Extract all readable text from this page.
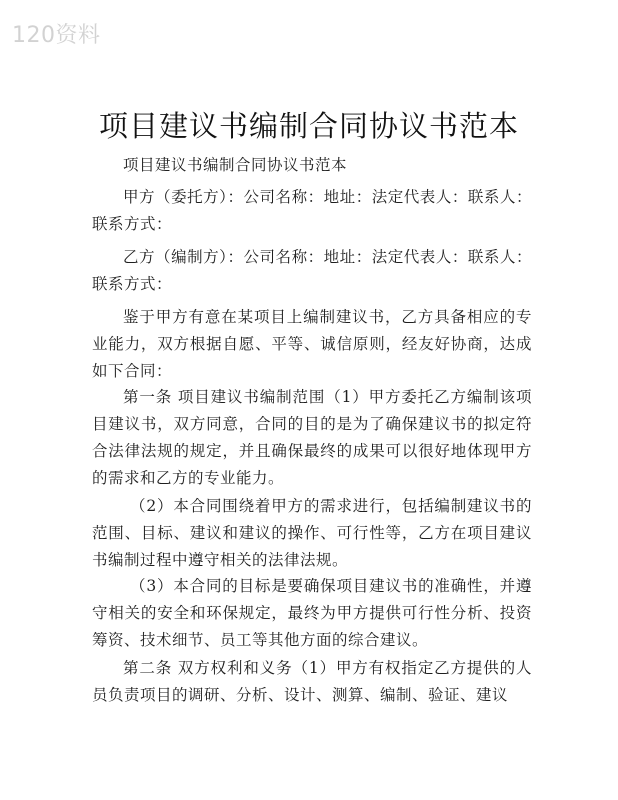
120资料
项目建议书编制合同协议书范本

项目建议书编制合同协议书范本

甲方（委托方）：公司名称：地址：法定代表人：联系人：联系方式：

乙方（编制方）：公司名称：地址：法定代表人：联系人：联系方式：

鉴于甲方有意在某项目上编制建议书，乙方具备相应的专业能力，双方根据自愿、平等、诚信原则，经友好协商，达成如下合同：

第一条 项目建议书编制范围（1）甲方委托乙方编制该项目建议书，双方同意，合同的目的是为了确保建议书的拟定符合法律法规的规定，并且确保最终的成果可以很好地体现甲方的需求和乙方的专业能力。

（2）本合同围绕着甲方的需求进行，包括编制建议书的范围、目标、建议和建议的操作、可行性等，乙方在项目建议书编制过程中遵守相关的法律法规。

（3）本合同的目标是要确保项目建议书的准确性，并遵守相关的安全和环保规定，最终为甲方提供可行性分析、投资筹资、技术细节、员工等其他方面的综合建议。

第二条 双方权利和义务（1）甲方有权指定乙方提供的人员负责项目的调研、分析、设计、测算、编制、验证、建议
